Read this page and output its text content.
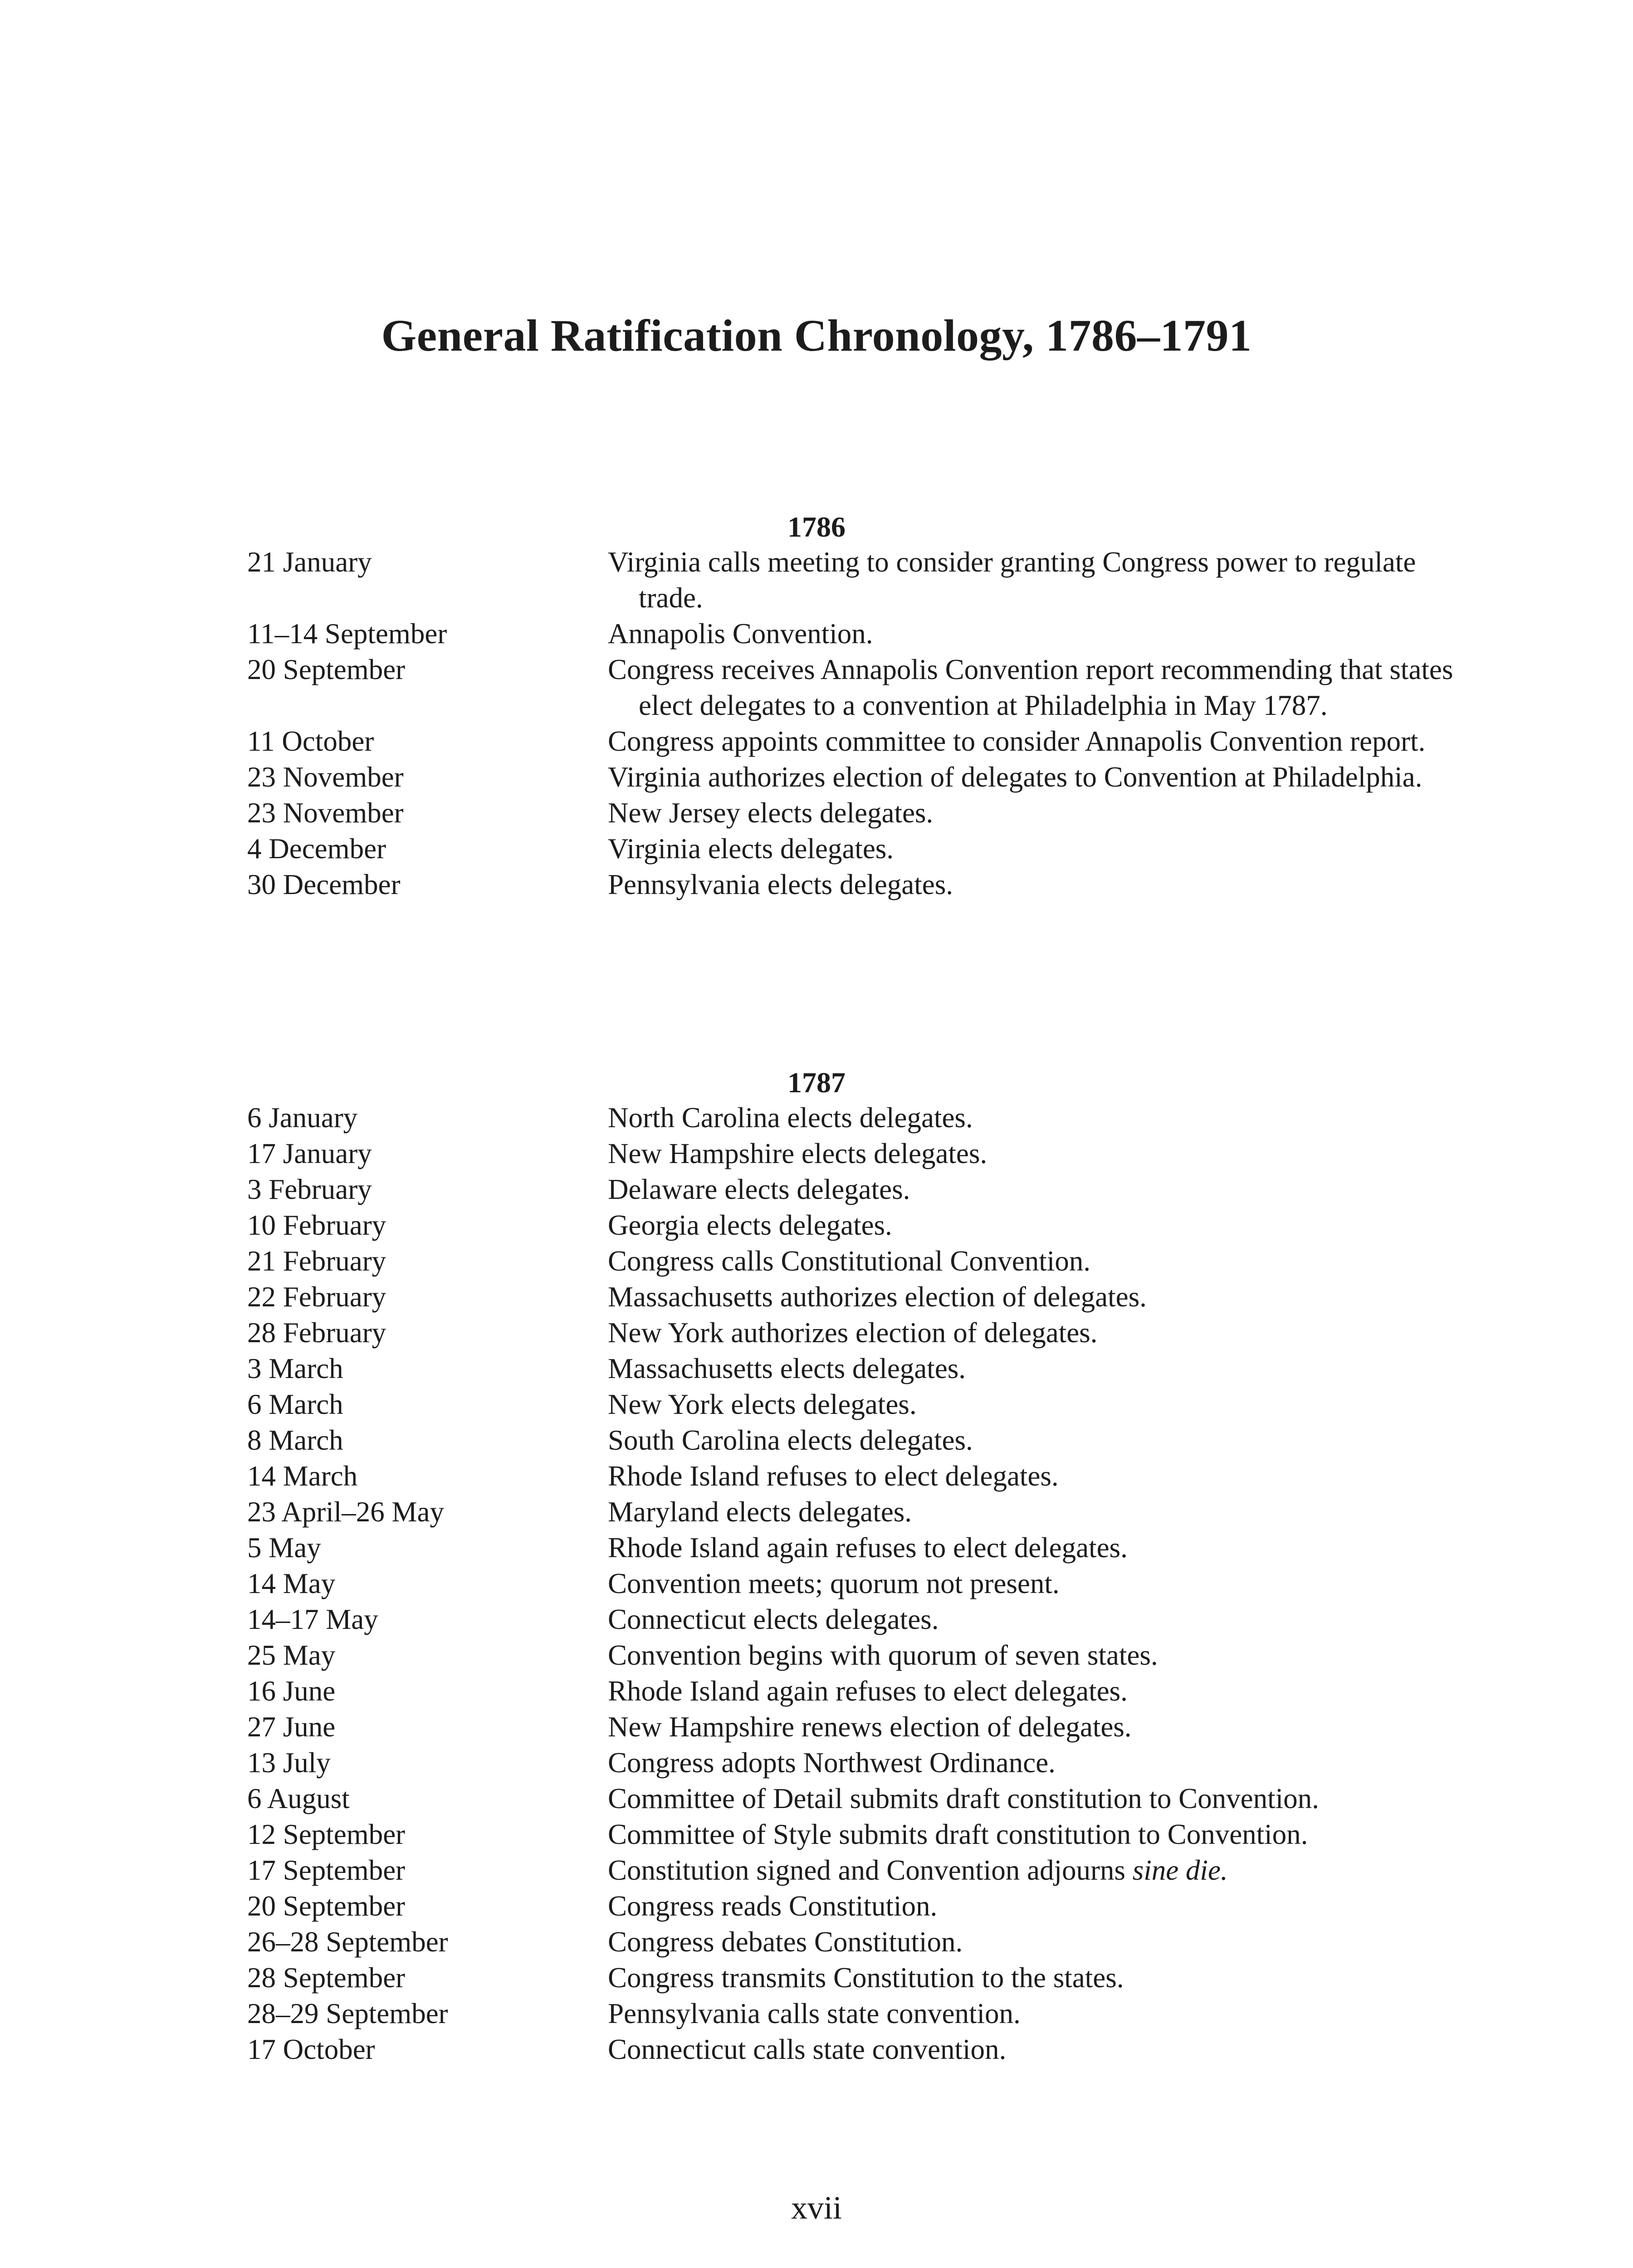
General Ratification Chronology, 1786–1791
1786
21 January	Virginia calls meeting to consider granting Congress power to regulate trade.
11–14 September	Annapolis Convention.
20 September	Congress receives Annapolis Convention report recommending that states elect delegates to a convention at Philadelphia in May 1787.
11 October	Congress appoints committee to consider Annapolis Convention report.
23 November	Virginia authorizes election of delegates to Convention at Philadelphia.
23 November	New Jersey elects delegates.
4 December	Virginia elects delegates.
30 December	Pennsylvania elects delegates.
1787
6 January	North Carolina elects delegates.
17 January	New Hampshire elects delegates.
3 February	Delaware elects delegates.
10 February	Georgia elects delegates.
21 February	Congress calls Constitutional Convention.
22 February	Massachusetts authorizes election of delegates.
28 February	New York authorizes election of delegates.
3 March	Massachusetts elects delegates.
6 March	New York elects delegates.
8 March	South Carolina elects delegates.
14 March	Rhode Island refuses to elect delegates.
23 April–26 May	Maryland elects delegates.
5 May	Rhode Island again refuses to elect delegates.
14 May	Convention meets; quorum not present.
14–17 May	Connecticut elects delegates.
25 May	Convention begins with quorum of seven states.
16 June	Rhode Island again refuses to elect delegates.
27 June	New Hampshire renews election of delegates.
13 July	Congress adopts Northwest Ordinance.
6 August	Committee of Detail submits draft constitution to Convention.
12 September	Committee of Style submits draft constitution to Convention.
17 September	Constitution signed and Convention adjourns sine die.
20 September	Congress reads Constitution.
26–28 September	Congress debates Constitution.
28 September	Congress transmits Constitution to the states.
28–29 September	Pennsylvania calls state convention.
17 October	Connecticut calls state convention.
xvii
